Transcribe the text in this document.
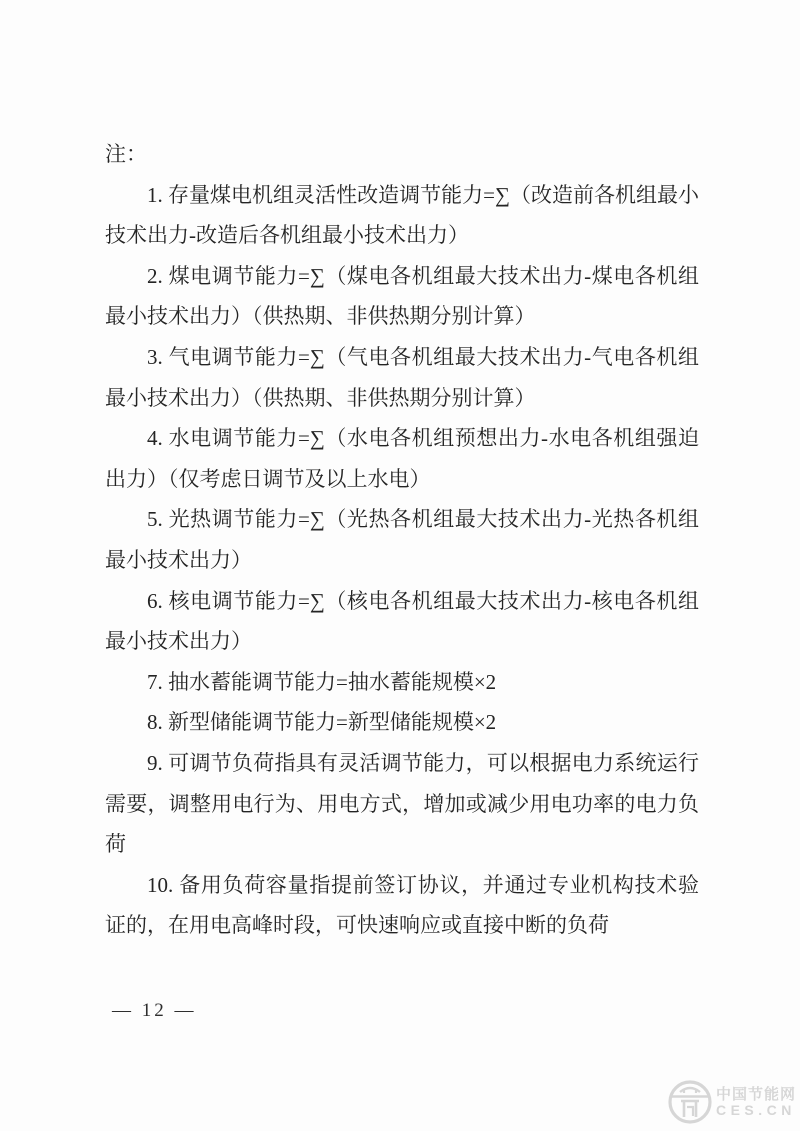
注：

1. 存量煤电机组灵活性改造调节能力=∑（改造前各机组最小技术出力-改造后各机组最小技术出力）

2. 煤电调节能力=∑（煤电各机组最大技术出力-煤电各机组最小技术出力）（供热期、非供热期分别计算）

3. 气电调节能力=∑（气电各机组最大技术出力-气电各机组最小技术出力）（供热期、非供热期分别计算）

4. 水电调节能力=∑（水电各机组预想出力-水电各机组强迫出力）（仅考虑日调节及以上水电）

5. 光热调节能力=∑（光热各机组最大技术出力-光热各机组最小技术出力）

6. 核电调节能力=∑（核电各机组最大技术出力-核电各机组最小技术出力）

7. 抽水蓄能调节能力=抽水蓄能规模×2

8. 新型储能调节能力=新型储能规模×2

9. 可调节负荷指具有灵活调节能力，可以根据电力系统运行需要，调整用电行为、用电方式，增加或减少用电功率的电力负荷

10. 备用负荷容量指提前签订协议，并通过专业机构技术验证的，在用电高峰时段，可快速响应或直接中断的负荷

— 12 —
中国节能网
CES.CN
